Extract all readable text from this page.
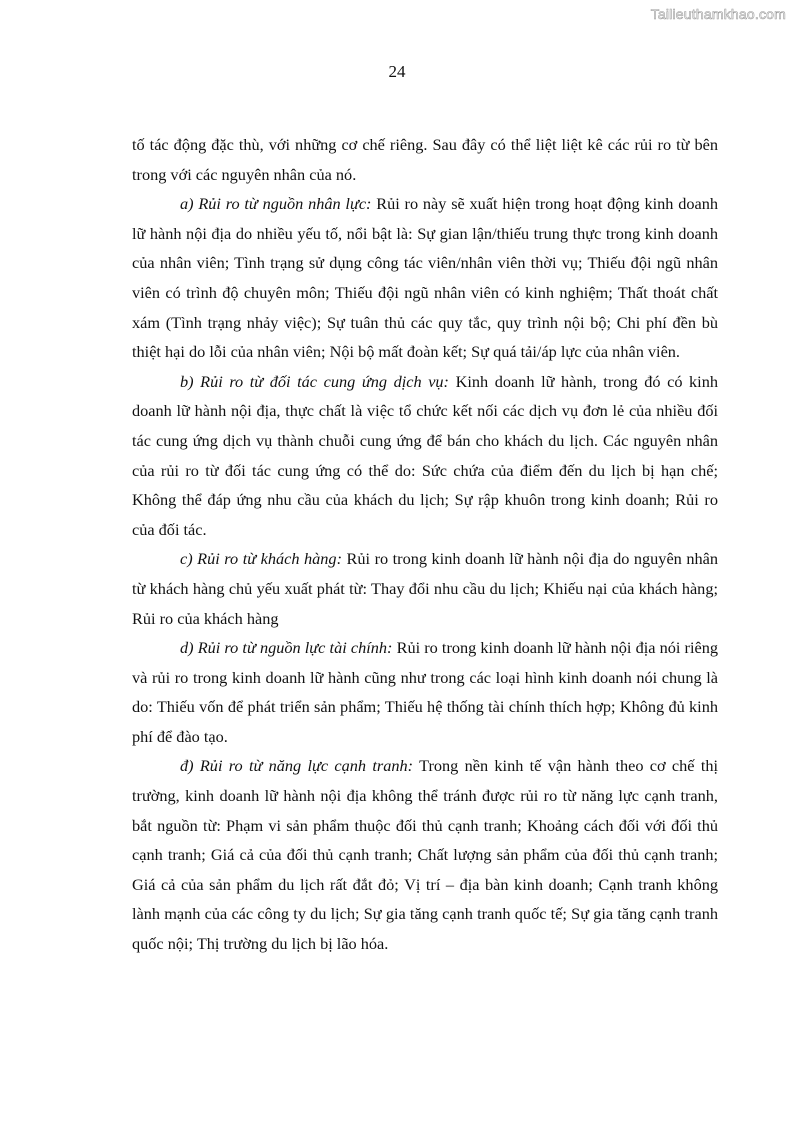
Tailieuthamkhao.com
24

tố tác động đặc thù, với những cơ chế riêng. Sau đây có thể liệt liệt kê các rủi ro từ bên trong với các nguyên nhân của nó.

a) Rủi ro từ nguồn nhân lực: Rủi ro này sẽ xuất hiện trong hoạt động kinh doanh lữ hành nội địa do nhiều yếu tố, nổi bật là: Sự gian lận/thiếu trung thực trong kinh doanh của nhân viên; Tình trạng sử dụng công tác viên/nhân viên thời vụ; Thiếu đội ngũ nhân viên có trình độ chuyên môn; Thiếu đội ngũ nhân viên có kinh nghiệm; Thất thoát chất xám (Tình trạng nhảy việc); Sự tuân thủ các quy tắc, quy trình nội bộ; Chi phí đền bù thiệt hại do lỗi của nhân viên; Nội bộ mất đoàn kết; Sự quá tải/áp lực của nhân viên.

b) Rủi ro từ đối tác cung ứng dịch vụ: Kinh doanh lữ hành, trong đó có kinh doanh lữ hành nội địa, thực chất là việc tổ chức kết nối các dịch vụ đơn lẻ của nhiều đối tác cung ứng dịch vụ thành chuỗi cung ứng để bán cho khách du lịch. Các nguyên nhân của rủi ro từ đối tác cung ứng có thể do: Sức chứa của điểm đến du lịch bị hạn chế; Không thể đáp ứng nhu cầu của khách du lịch; Sự rập khuôn trong kinh doanh; Rủi ro của đối tác.

c) Rủi ro từ khách hàng: Rủi ro trong kinh doanh lữ hành nội địa do nguyên nhân từ khách hàng chủ yếu xuất phát từ: Thay đổi nhu cầu du lịch; Khiếu nại của khách hàng; Rủi ro của khách hàng

d) Rủi ro từ nguồn lực tài chính: Rủi ro trong kinh doanh lữ hành nội địa nói riêng và rủi ro trong kinh doanh lữ hành cũng như trong các loại hình kinh doanh nói chung là do: Thiếu vốn để phát triển sản phẩm; Thiếu hệ thống tài chính thích hợp; Không đủ kinh phí để đào tạo.

đ) Rủi ro từ năng lực cạnh tranh: Trong nền kinh tế vận hành theo cơ chế thị trường, kinh doanh lữ hành nội địa không thể tránh được rủi ro từ năng lực cạnh tranh, bắt nguồn từ: Phạm vi sản phẩm thuộc đối thủ cạnh tranh; Khoảng cách đối với đối thủ cạnh tranh; Giá cả của đối thủ cạnh tranh; Chất lượng sản phẩm của đối thủ cạnh tranh; Giá cả của sản phẩm du lịch rất đắt đỏ; Vị trí – địa bàn kinh doanh; Cạnh tranh không lành mạnh của các công ty du lịch; Sự gia tăng cạnh tranh quốc tế; Sự gia tăng cạnh tranh quốc nội; Thị trường du lịch bị lão hóa.
